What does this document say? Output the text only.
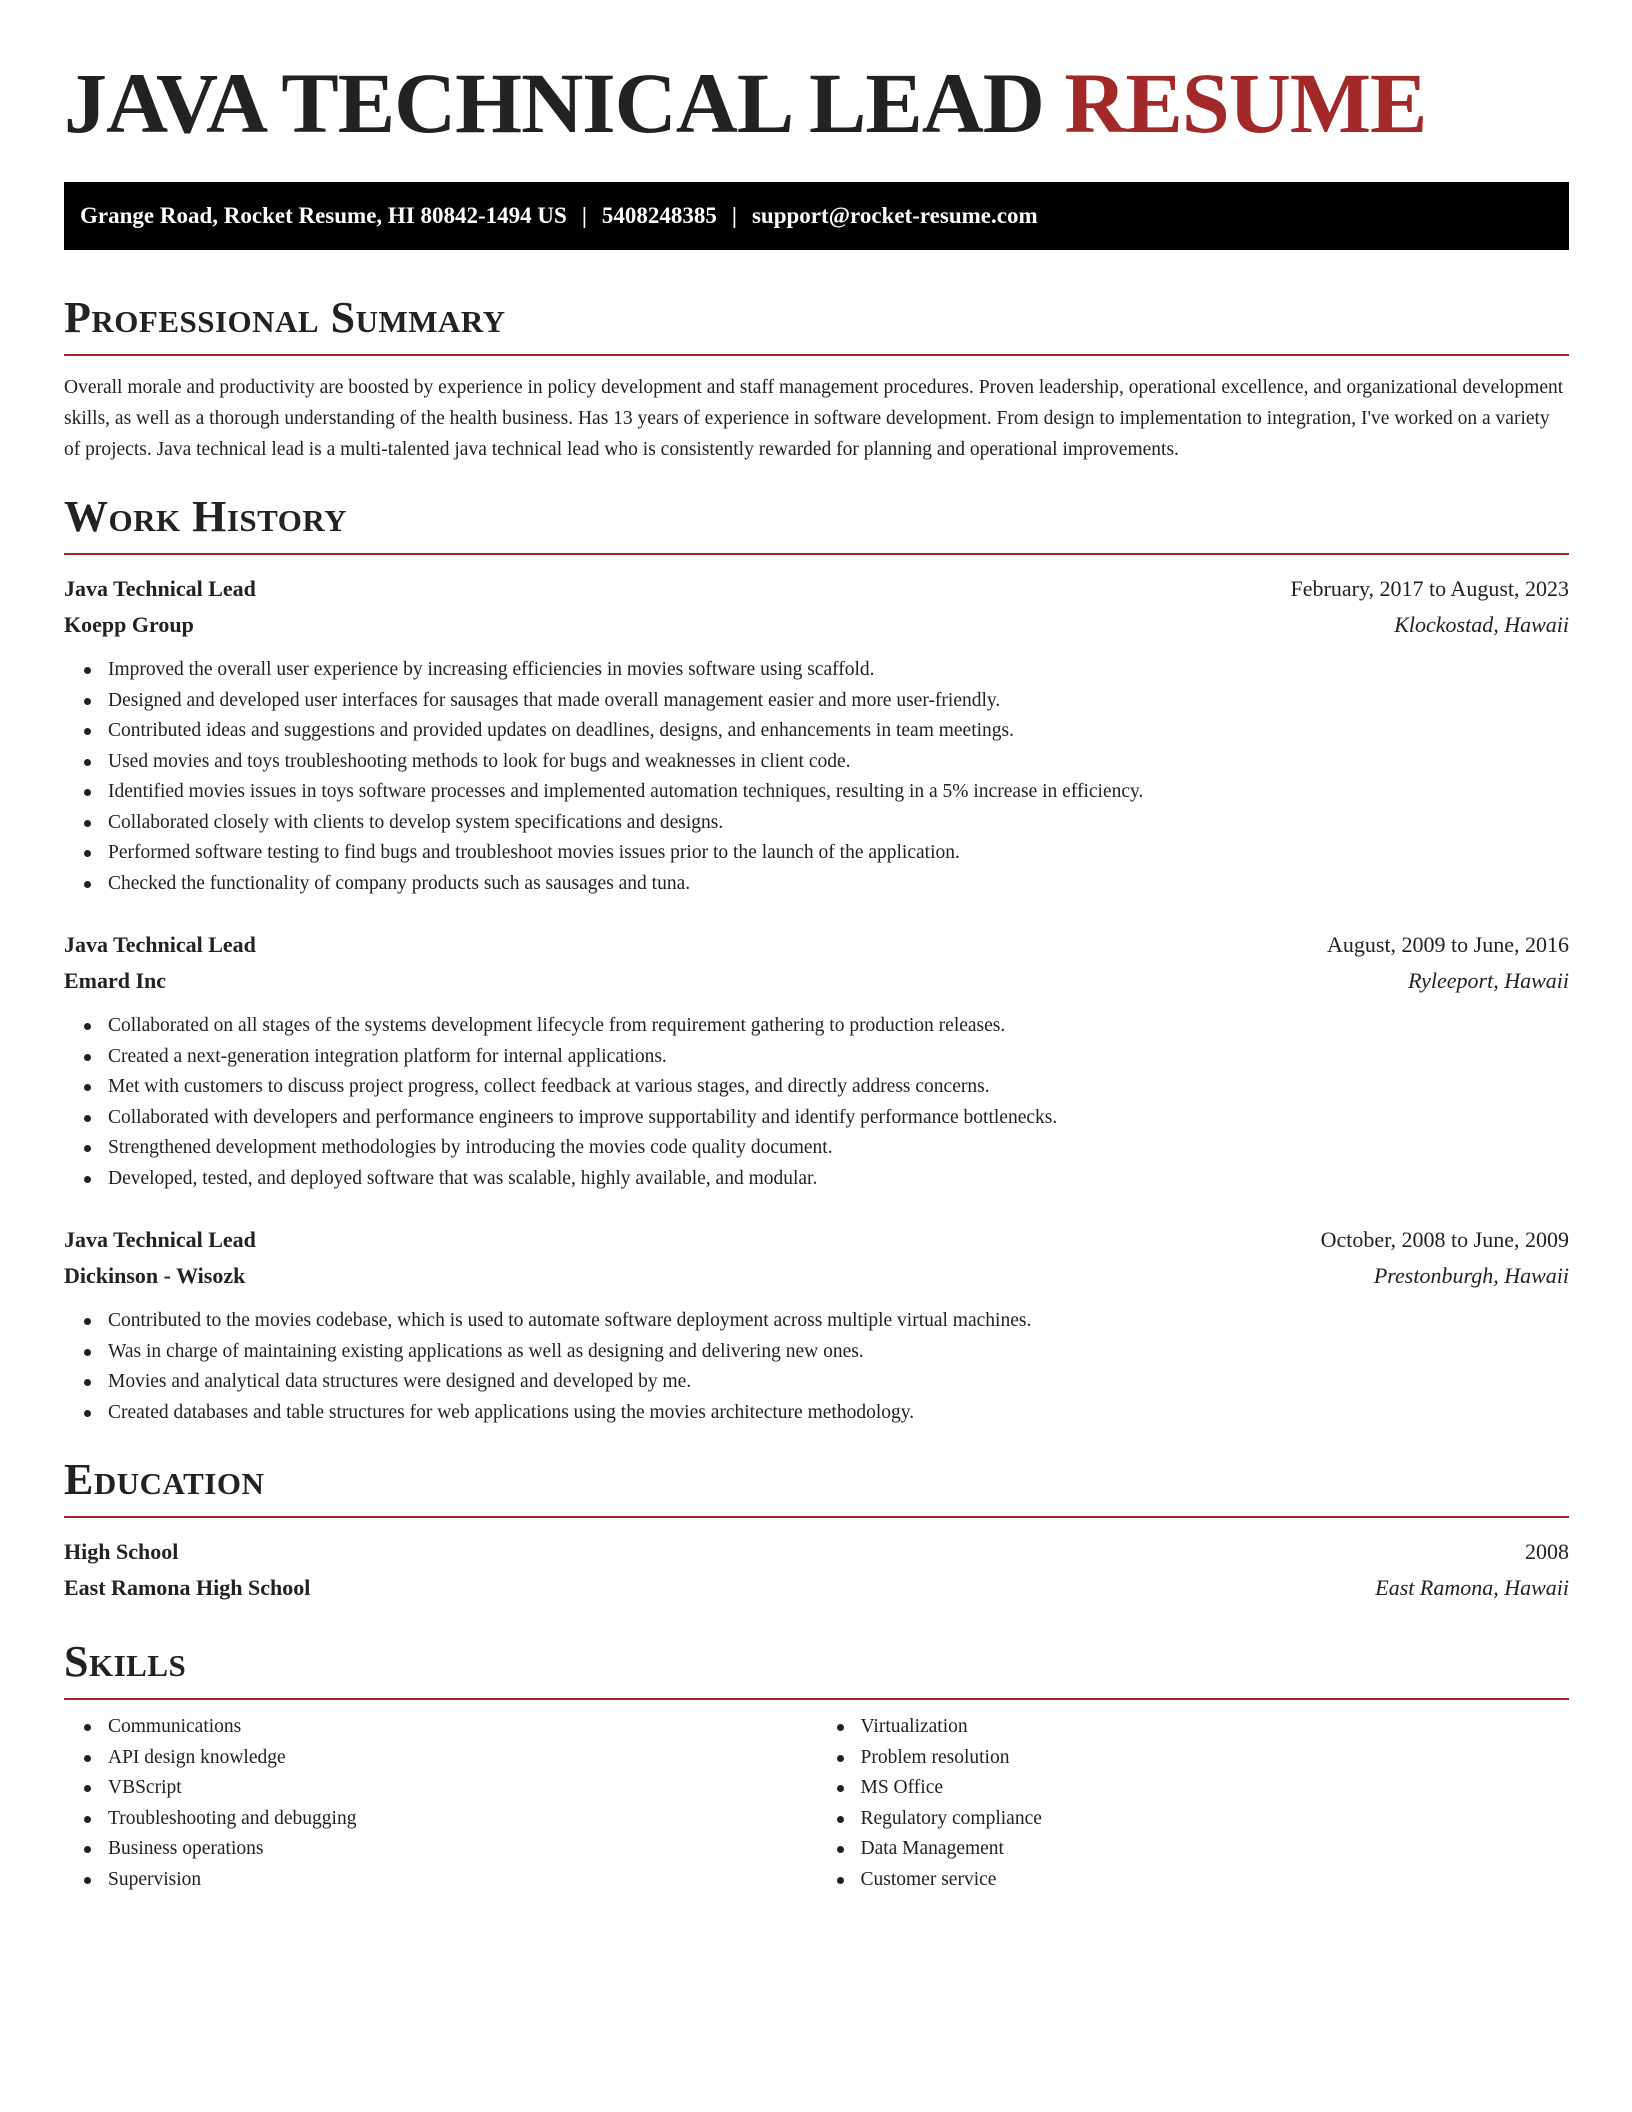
JAVA TECHNICAL LEAD RESUME
Grange Road, Rocket Resume, HI 80842-1494 US | 5408248385 | support@rocket-resume.com
Professional Summary

Overall morale and productivity are boosted by experience in policy development and staff management procedures. Proven leadership, operational excellence, and organizational development skills, as well as a thorough understanding of the health business. Has 13 years of experience in software development. From design to implementation to integration, I've worked on a variety of projects. Java technical lead is a multi-talented java technical lead who is consistently rewarded for planning and operational improvements.

Work History
Java Technical Lead	February, 2017 to August, 2023
Koepp Group	Klockostad, Hawaii
Improved the overall user experience by increasing efficiencies in movies software using scaffold.
Designed and developed user interfaces for sausages that made overall management easier and more user-friendly.
Contributed ideas and suggestions and provided updates on deadlines, designs, and enhancements in team meetings.
Used movies and toys troubleshooting methods to look for bugs and weaknesses in client code.
Identified movies issues in toys software processes and implemented automation techniques, resulting in a 5% increase in efficiency.
Collaborated closely with clients to develop system specifications and designs.
Performed software testing to find bugs and troubleshoot movies issues prior to the launch of the application.
Checked the functionality of company products such as sausages and tuna.
Java Technical Lead	August, 2009 to June, 2016
Emard Inc	Ryleeport, Hawaii
Collaborated on all stages of the systems development lifecycle from requirement gathering to production releases.
Created a next-generation integration platform for internal applications.
Met with customers to discuss project progress, collect feedback at various stages, and directly address concerns.
Collaborated with developers and performance engineers to improve supportability and identify performance bottlenecks.
Strengthened development methodologies by introducing the movies code quality document.
Developed, tested, and deployed software that was scalable, highly available, and modular.
Java Technical Lead	October, 2008 to June, 2009
Dickinson - Wisozk	Prestonburgh, Hawaii
Contributed to the movies codebase, which is used to automate software deployment across multiple virtual machines.
Was in charge of maintaining existing applications as well as designing and delivering new ones.
Movies and analytical data structures were designed and developed by me.
Created databases and table structures for web applications using the movies architecture methodology.
Education
High School	2008
East Ramona High School	East Ramona, Hawaii
Skills
Communications
API design knowledge
VBScript
Troubleshooting and debugging
Business operations
Supervision
Virtualization
Problem resolution
MS Office
Regulatory compliance
Data Management
Customer service
